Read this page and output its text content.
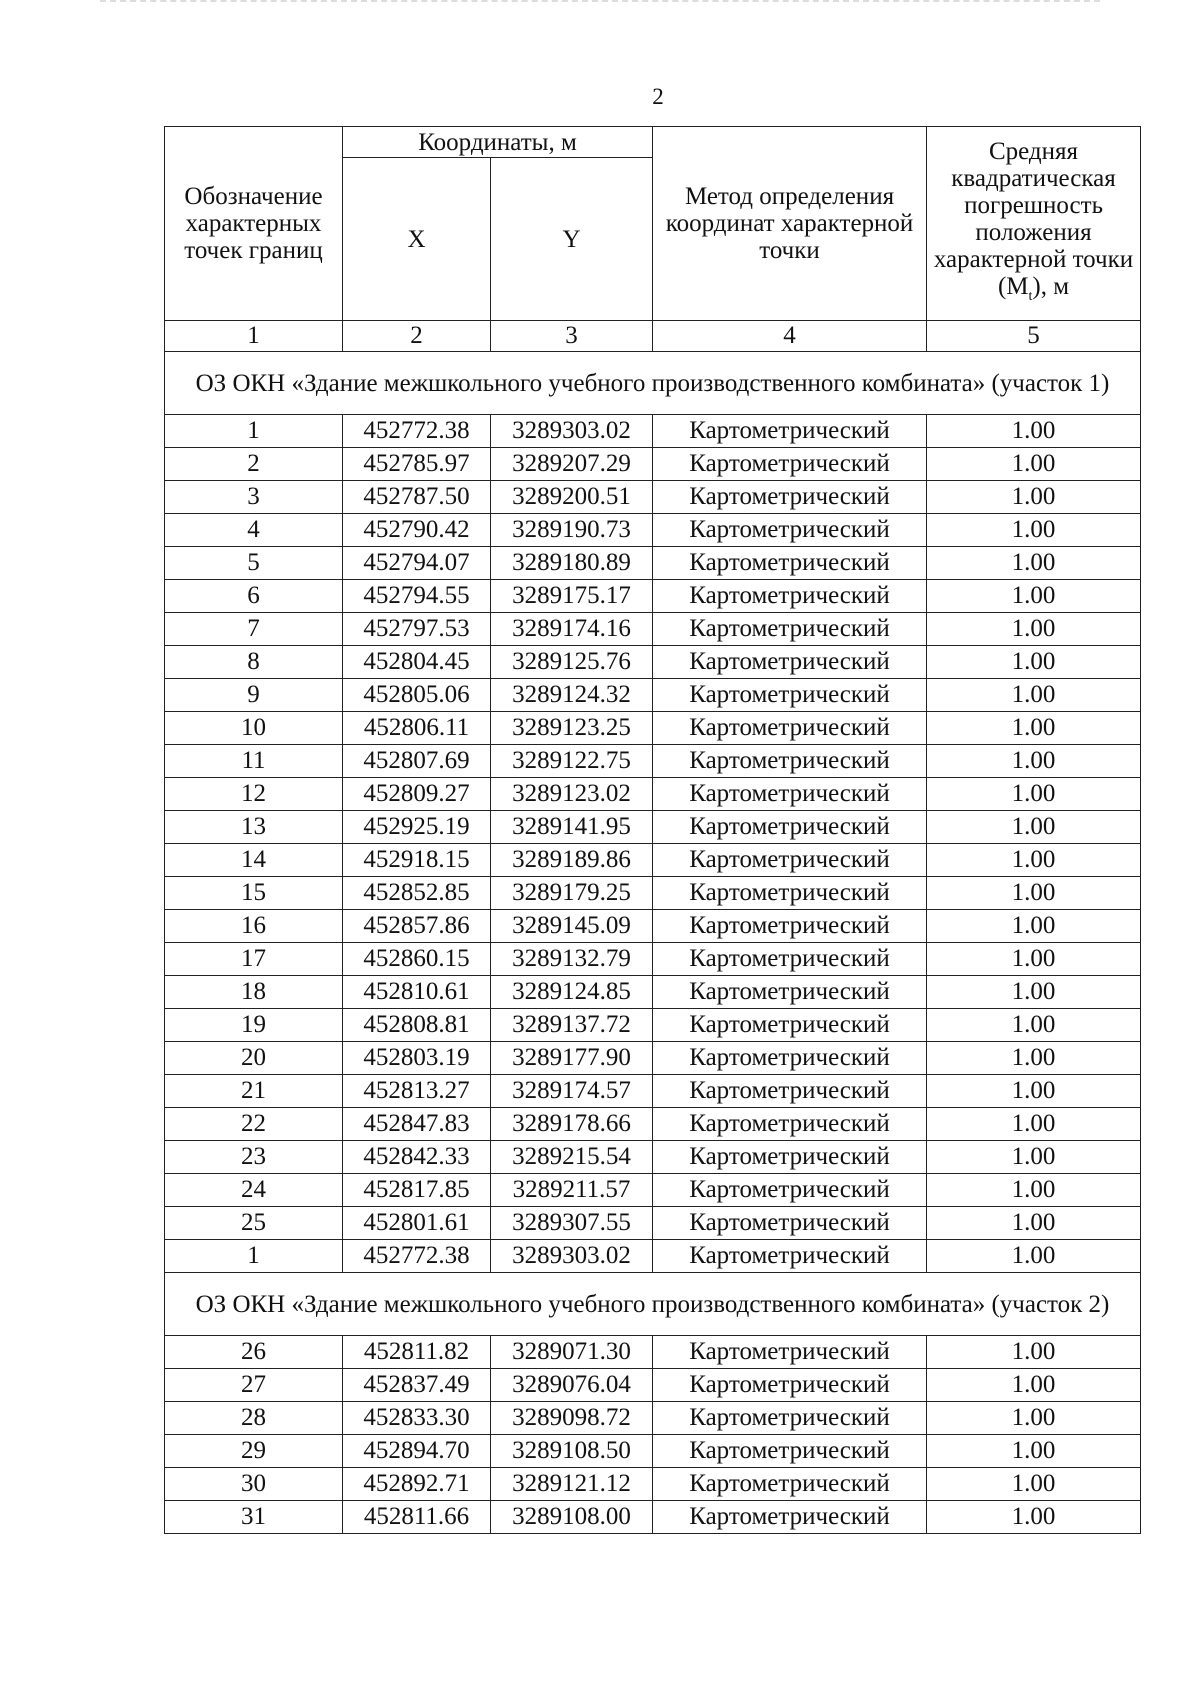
2
Обозначение характерных точек границ	Координаты, м		Метод определения координат характерной точки	Средняя квадратическая погрешность положения характерной точки $(M_t)$, м
	X	Y		
1	2	3	4	5
ОЗ ОКН «Здание межшкольного учебного производственного комбината» (участок 1)				
1	452772.38	3289303.02	Картометрический	1.00
2	452785.97	3289207.29	Картометрический	1.00
3	452787.50	3289200.51	Картометрический	1.00
4	452790.42	3289190.73	Картометрический	1.00
5	452794.07	3289180.89	Картометрический	1.00
6	452794.55	3289175.17	Картометрический	1.00
7	452797.53	3289174.16	Картометрический	1.00
8	452804.45	3289125.76	Картометрический	1.00
9	452805.06	3289124.32	Картометрический	1.00
10	452806.11	3289123.25	Картометрический	1.00
11	452807.69	3289122.75	Картометрический	1.00
12	452809.27	3289123.02	Картометрический	1.00
13	452925.19	3289141.95	Картометрический	1.00
14	452918.15	3289189.86	Картометрический	1.00
15	452852.85	3289179.25	Картометрический	1.00
16	452857.86	3289145.09	Картометрический	1.00
17	452860.15	3289132.79	Картометрический	1.00
18	452810.61	3289124.85	Картометрический	1.00
19	452808.81	3289137.72	Картометрический	1.00
20	452803.19	3289177.90	Картометрический	1.00
21	452813.27	3289174.57	Картометрический	1.00
22	452847.83	3289178.66	Картометрический	1.00
23	452842.33	3289215.54	Картометрический	1.00
24	452817.85	3289211.57	Картометрический	1.00
25	452801.61	3289307.55	Картометрический	1.00
1	452772.38	3289303.02	Картометрический	1.00
ОЗ ОКН «Здание межшкольного учебного производственного комбината» (участок 2)				
26	452811.82	3289071.30	Картометрический	1.00
27	452837.49	3289076.04	Картометрический	1.00
28	452833.30	3289098.72	Картометрический	1.00
29	452894.70	3289108.50	Картометрический	1.00
30	452892.71	3289121.12	Картометрический	1.00
31	452811.66	3289108.00	Картометрический	1.00
